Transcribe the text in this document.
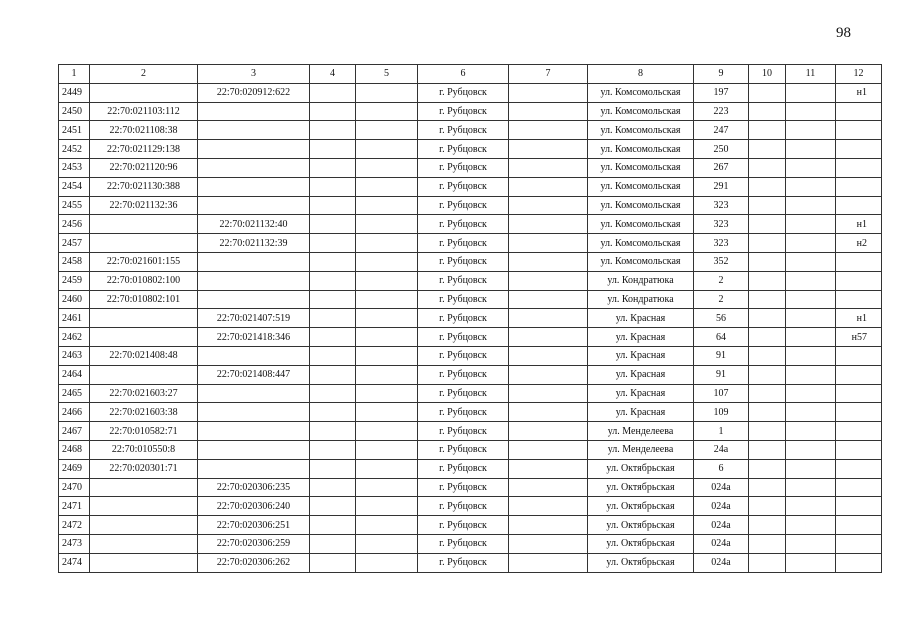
98
1	2	3	4	5	6	7	8	9	10	11	12
2449		22:70:020912:622			г. Рубцовск		ул. Комсомольская	197			н1
2450	22:70:021103:112				г. Рубцовск		ул. Комсомольская	223			
2451	22:70:021108:38				г. Рубцовск		ул. Комсомольская	247			
2452	22:70:021129:138				г. Рубцовск		ул. Комсомольская	250			
2453	22:70:021120:96				г. Рубцовск		ул. Комсомольская	267			
2454	22:70:021130:388				г. Рубцовск		ул. Комсомольская	291			
2455	22:70:021132:36				г. Рубцовск		ул. Комсомольская	323			
2456		22:70:021132:40			г. Рубцовск		ул. Комсомольская	323			н1
2457		22:70:021132:39			г. Рубцовск		ул. Комсомольская	323			н2
2458	22:70:021601:155				г. Рубцовск		ул. Комсомольская	352			
2459	22:70:010802:100				г. Рубцовск		ул. Кондратюка	2			
2460	22:70:010802:101				г. Рубцовск		ул. Кондратюка	2			
2461		22:70:021407:519			г. Рубцовск		ул. Красная	56			н1
2462		22:70:021418:346			г. Рубцовск		ул. Красная	64			н57
2463	22:70:021408:48				г. Рубцовск		ул. Красная	91			
2464		22:70:021408:447			г. Рубцовск		ул. Красная	91			
2465	22:70:021603:27				г. Рубцовск		ул. Красная	107			
2466	22:70:021603:38				г. Рубцовск		ул. Красная	109			
2467	22:70:010582:71				г. Рубцовск		ул. Менделеева	1			
2468	22:70:010550:8				г. Рубцовск		ул. Менделеева	24а			
2469	22:70:020301:71				г. Рубцовск		ул. Октябрьская	6			
2470		22:70:020306:235			г. Рубцовск		ул. Октябрьская	024а			
2471		22:70:020306:240			г. Рубцовск		ул. Октябрьская	024а			
2472		22:70:020306:251			г. Рубцовск		ул. Октябрьская	024а			
2473		22:70:020306:259			г. Рубцовск		ул. Октябрьская	024а			
2474		22:70:020306:262			г. Рубцовск		ул. Октябрьская	024а			
